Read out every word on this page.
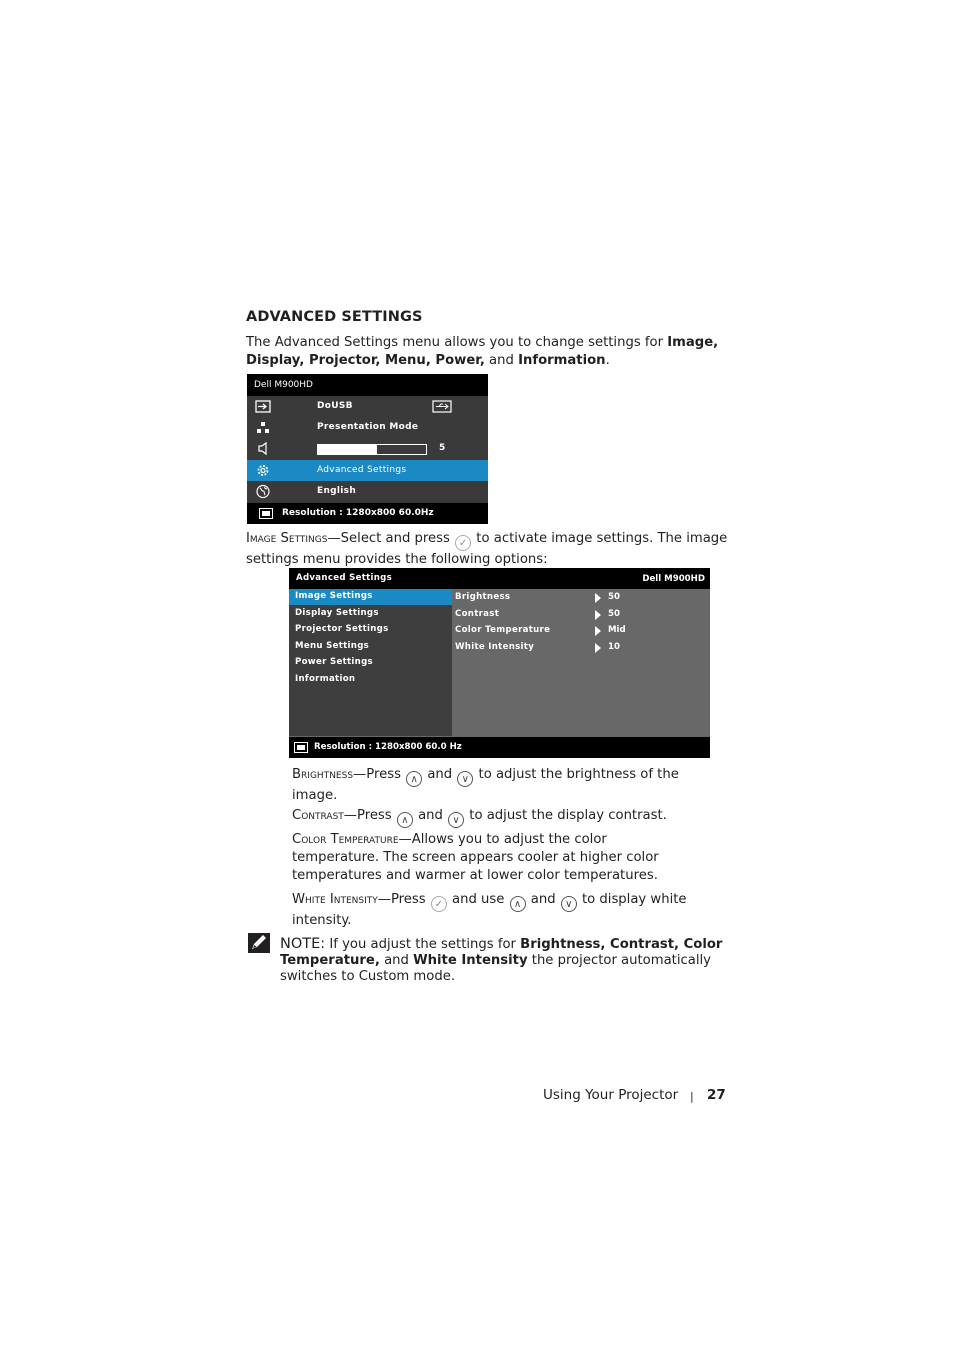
ADVANCED SETTINGS
The Advanced Settings menu allows you to change settings for Image, Display, Projector, Menu, Power, and Information.
Dell M900HD
DoUSB
Presentation Mode
5
Advanced Settings
English
Resolution : 1280x800 60.0Hz
Image Settings—Select and press ✓ to activate image settings. The image settings menu provides the following options:
Advanced Settings	Dell M900HD
Image Settings
Display Settings
Projector Settings
Menu Settings
Power Settings
Information
Brightness	50
Contrast	50
Color Temperature	Mid
White Intensity	10
Resolution : 1280x800 60.0 Hz
Brightness—Press ∧ and ∨ to adjust the brightness of the image.
Contrast—Press ∧ and ∨ to adjust the display contrast.
Color Temperature—Allows you to adjust the color temperature. The screen appears cooler at higher color temperatures and warmer at lower color temperatures.
White Intensity—Press ✓ and use ∧ and ∨ to display white intensity.
NOTE: If you adjust the settings for Brightness, Contrast, Color Temperature, and White Intensity the projector automatically switches to Custom mode.
Using Your Projector | 27
